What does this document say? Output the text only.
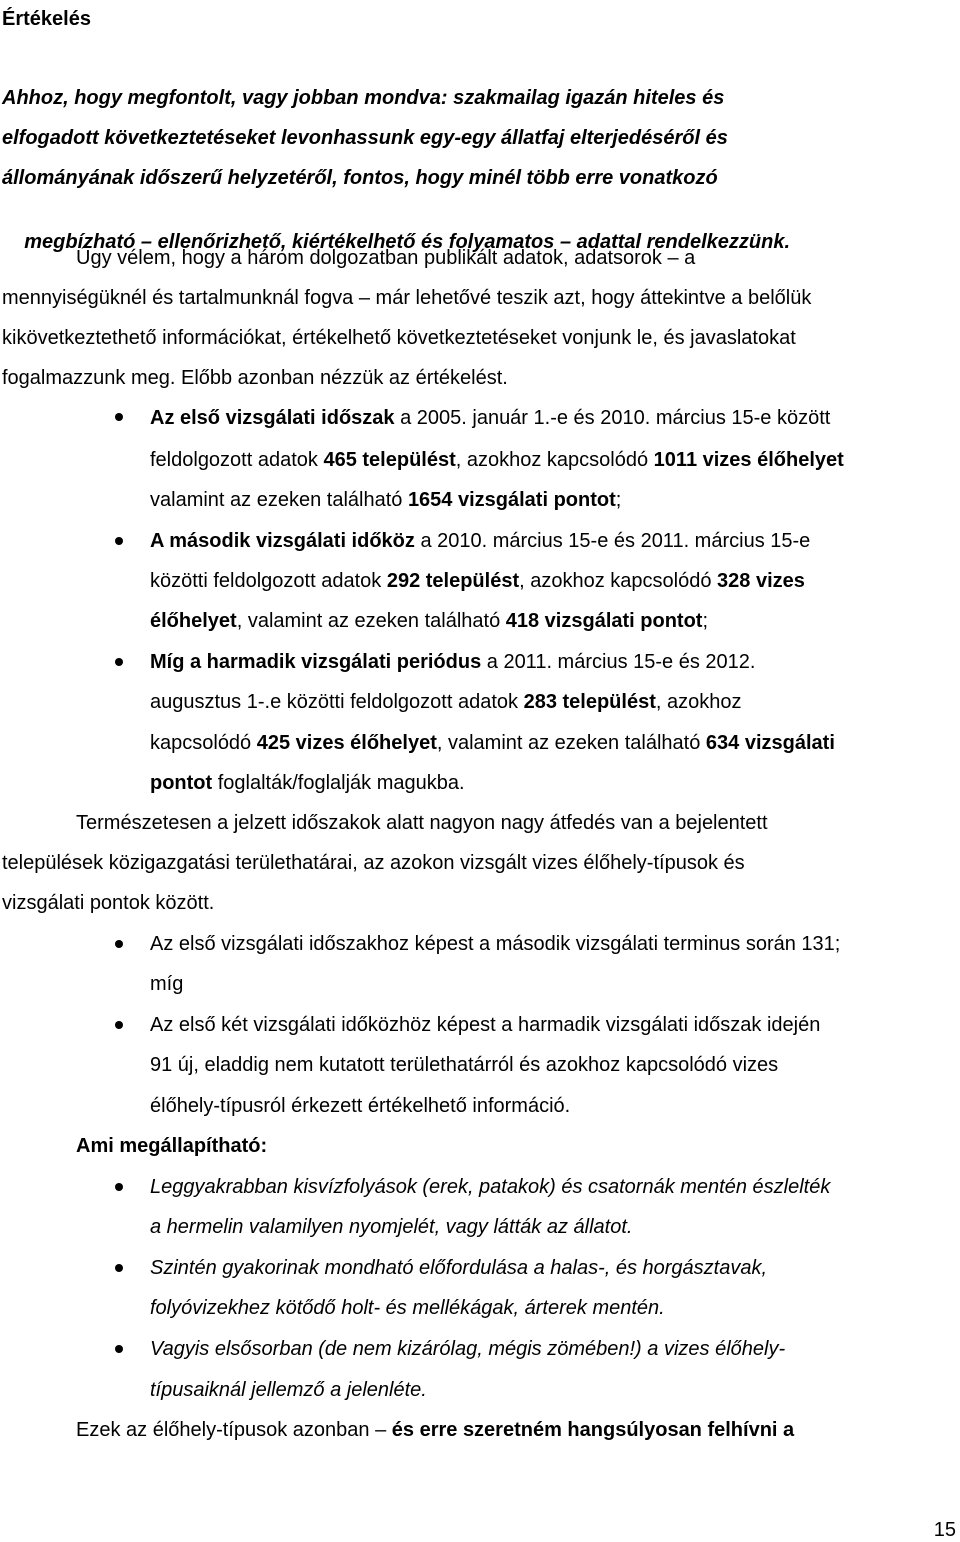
Értékelés
Ahhoz, hogy megfontolt, vagy jobban mondva: szakmailag igazán hiteles és
elfogadott következtetéseket levonhassunk egy-egy állatfaj elterjedéséről és
állományának időszerű helyzetéről, fontos, hogy minél több erre vonatkozó

megbízható – ellenőrizhető, kiértékelhető és folyamatos – adattal rendelkezzünk.

Úgy vélem, hogy a három dolgozatban publikált adatok, adatsorok – a
mennyiségüknél és tartalmunknál fogva – már lehetővé teszik azt, hogy áttekintve a belőlük
kikövetkeztethető információkat, értékelhető következtetéseket vonjunk le, és javaslatokat
fogalmazzunk meg. Előbb azonban nézzük az értékelést.
Az első vizsgálati időszak a 2005. január 1.-e és 2010. március 15-e között
feldolgozott adatok 465 települést, azokhoz kapcsolódó 1011 vizes élőhelyet
valamint az ezeken található 1654 vizsgálati pontot;
A második vizsgálati időköz a 2010. március 15-e és 2011. március 15-e
közötti feldolgozott adatok 292 települést, azokhoz kapcsolódó 328 vizes
élőhelyet, valamint az ezeken található 418 vizsgálati pontot;
Míg a harmadik vizsgálati periódus a 2011. március 15-e és 2012.
augusztus 1-.e közötti feldolgozott adatok 283 települést, azokhoz
kapcsolódó 425 vizes élőhelyet, valamint az ezeken található 634 vizsgálati
pontot foglalták/foglalják magukba.
Természetesen a jelzett időszakok alatt nagyon nagy átfedés van a bejelentett
települések közigazgatási területhatárai, az azokon vizsgált vizes élőhely-típusok és
vizsgálati pontok között.
Az első vizsgálati időszakhoz képest a második vizsgálati terminus során 131;
míg
Az első két vizsgálati időközhöz képest a harmadik vizsgálati időszak idején
91 új, eladdig nem kutatott területhatárról és azokhoz kapcsolódó vizes
élőhely-típusról érkezett értékelhető információ.
Ami megállapítható:
Leggyakrabban kisvízfolyások (erek, patakok) és csatornák mentén észlelték
a hermelin valamilyen nyomjelét, vagy látták az állatot.
Szintén gyakorinak mondható előfordulása a halas-, és horgásztavak,
folyóvizekhez kötődő holt- és mellékágak, árterek mentén.
Vagyis elsősorban (de nem kizárólag, mégis zömében!) a vizes élőhely-
típusaiknál jellemző a jelenléte.
Ezek az élőhely-típusok azonban – és erre szeretném hangsúlyosan felhívni a
15
